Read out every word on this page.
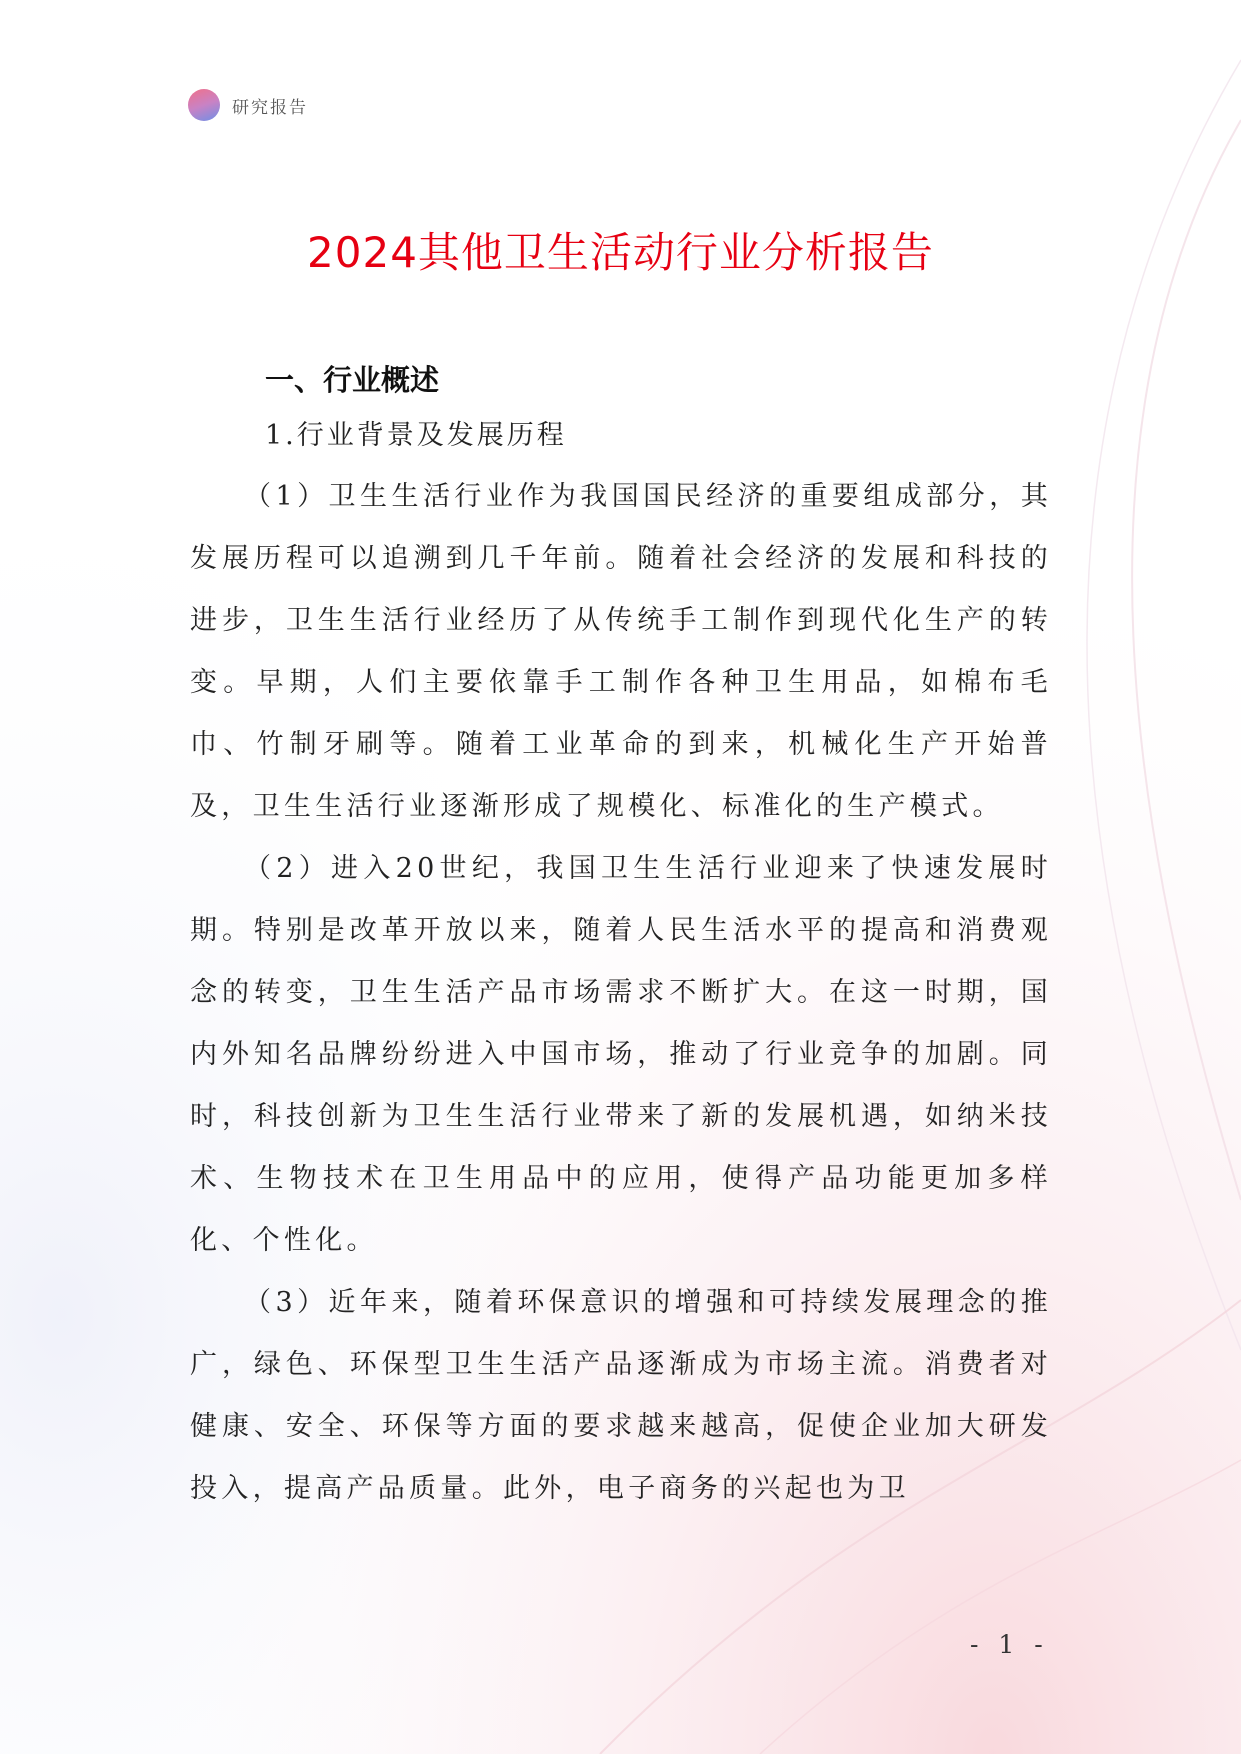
研究报告
2024其他卫生活动行业分析报告
一、行业概述
1.行业背景及发展历程

（1）卫生生活行业作为我国国民经济的重要组成部分，其发展历程可以追溯到几千年前。随着社会经济的发展和科技的进步，卫生生活行业经历了从传统手工制作到现代化生产的转变。早期，人们主要依靠手工制作各种卫生用品，如棉布毛巾、竹制牙刷等。随着工业革命的到来，机械化生产开始普及，卫生生活行业逐渐形成了规模化、标准化的生产模式。

（2）进入20世纪，我国卫生生活行业迎来了快速发展时期。特别是改革开放以来，随着人民生活水平的提高和消费观念的转变，卫生生活产品市场需求不断扩大。在这一时期，国内外知名品牌纷纷进入中国市场，推动了行业竞争的加剧。同时，科技创新为卫生生活行业带来了新的发展机遇，如纳米技术、生物技术在卫生用品中的应用，使得产品功能更加多样化、个性化。

（3）近年来，随着环保意识的增强和可持续发展理念的推广，绿色、环保型卫生生活产品逐渐成为市场主流。消费者对健康、安全、环保等方面的要求越来越高，促使企业加大研发投入，提高产品质量。此外，电子商务的兴起也为卫

- 1 -
